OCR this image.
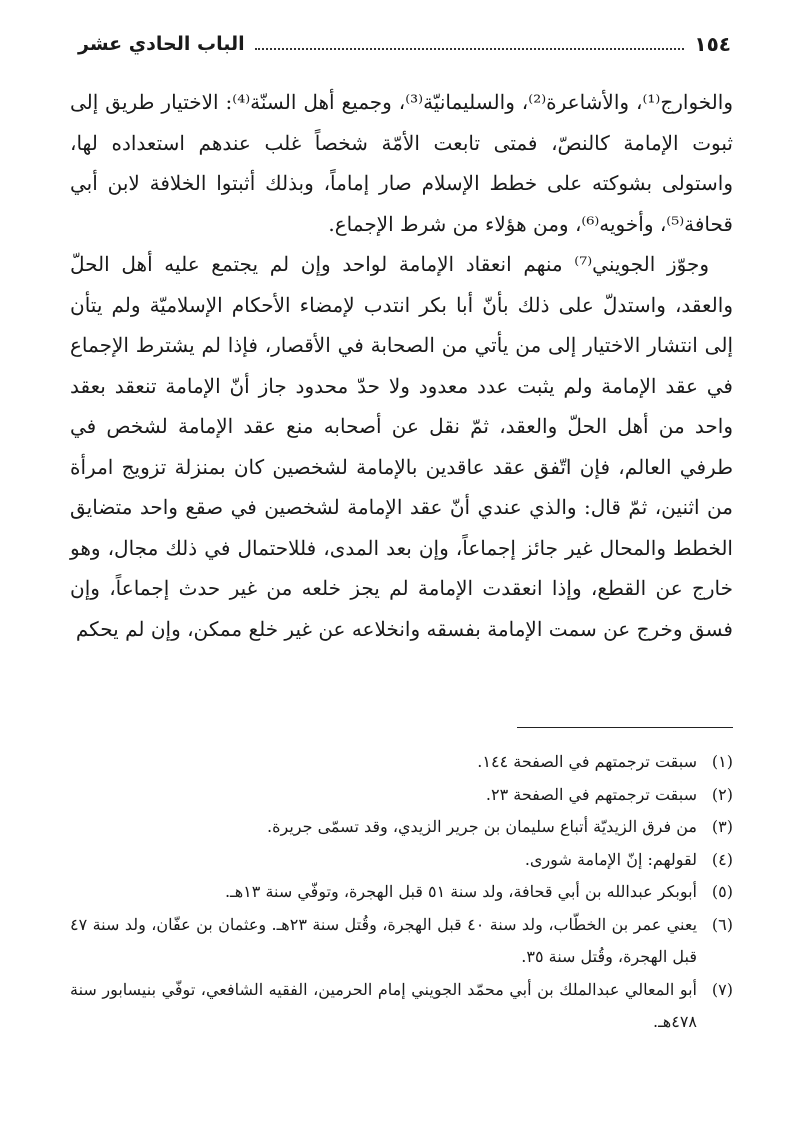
١٥٤
الباب الحادي عشر

والخوارج⁽¹⁾، والأشاعرة⁽²⁾، والسليمانيّة⁽³⁾، وجميع أهل السنّة⁽⁴⁾: الاختيار طريق إلى ثبوت الإمامة كالنصّ، فمتى تابعت الأمّة شخصاً غلب عندهم استعداده لها، واستولى بشوكته على خطط الإسلام صار إماماً، وبذلك أثبتوا الخلافة لابن أبي قحافة⁽⁵⁾، وأخويه⁽⁶⁾، ومن هؤلاء من شرط الإجماع.

وجوّز الجويني⁽⁷⁾ منهم انعقاد الإمامة لواحد وإن لم يجتمع عليه أهل الحلّ والعقد، واستدلّ على ذلك بأنّ أبا بكر انتدب لإمضاء الأحكام الإسلاميّة ولم يتأن إلى انتشار الاختيار إلى من يأتي من الصحابة في الأقصار، فإذا لم يشترط الإجماع في عقد الإمامة ولم يثبت عدد معدود ولا حدّ محدود جاز أنّ الإمامة تنعقد بعقد واحد من أهل الحلّ والعقد، ثمّ نقل عن أصحابه منع عقد الإمامة لشخص في طرفي العالم، فإن اتّفق عقد عاقدين بالإمامة لشخصين كان بمنزلة تزويج امرأة من اثنين، ثمّ قال: والذي عندي أنّ عقد الإمامة لشخصين في صقع واحد متضايق الخطط والمحال غير جائز إجماعاً، وإن بعد المدى، فللاحتمال في ذلك مجال، وهو خارج عن القطع، وإذا انعقدت الإمامة لم يجز خلعه من غير حدث إجماعاً، وإن فسق وخرج عن سمت الإمامة بفسقه وانخلاعه عن غير خلع ممكن، وإن لم يحكم

(١)
سبقت ترجمتهم في الصفحة ١٤٤.
(٢)
سبقت ترجمتهم في الصفحة ٢٣.
(٣)
من فرق الزيديّة أتباع سليمان بن جرير الزيدي، وقد تسمّى جريرة.
(٤)
لقولهم: إنّ الإمامة شورى.
(٥)
أبوبكر عبدالله بن أبي قحافة، ولد سنة ٥١ قبل الهجرة، وتوفّي سنة ١٣هـ.
(٦)
يعني عمر بن الخطّاب، ولد سنة ٤٠ قبل الهجرة، وقُتل سنة ٢٣هـ. وعثمان بن عفّان، ولد سنة ٤٧ قبل الهجرة، وقُتل سنة ٣٥.
(٧)
أبو المعالي عبدالملك بن أبي محمّد الجويني إمام الحرمين، الفقيه الشافعي، توفّي بنيسابور سنة ٤٧٨هـ.
